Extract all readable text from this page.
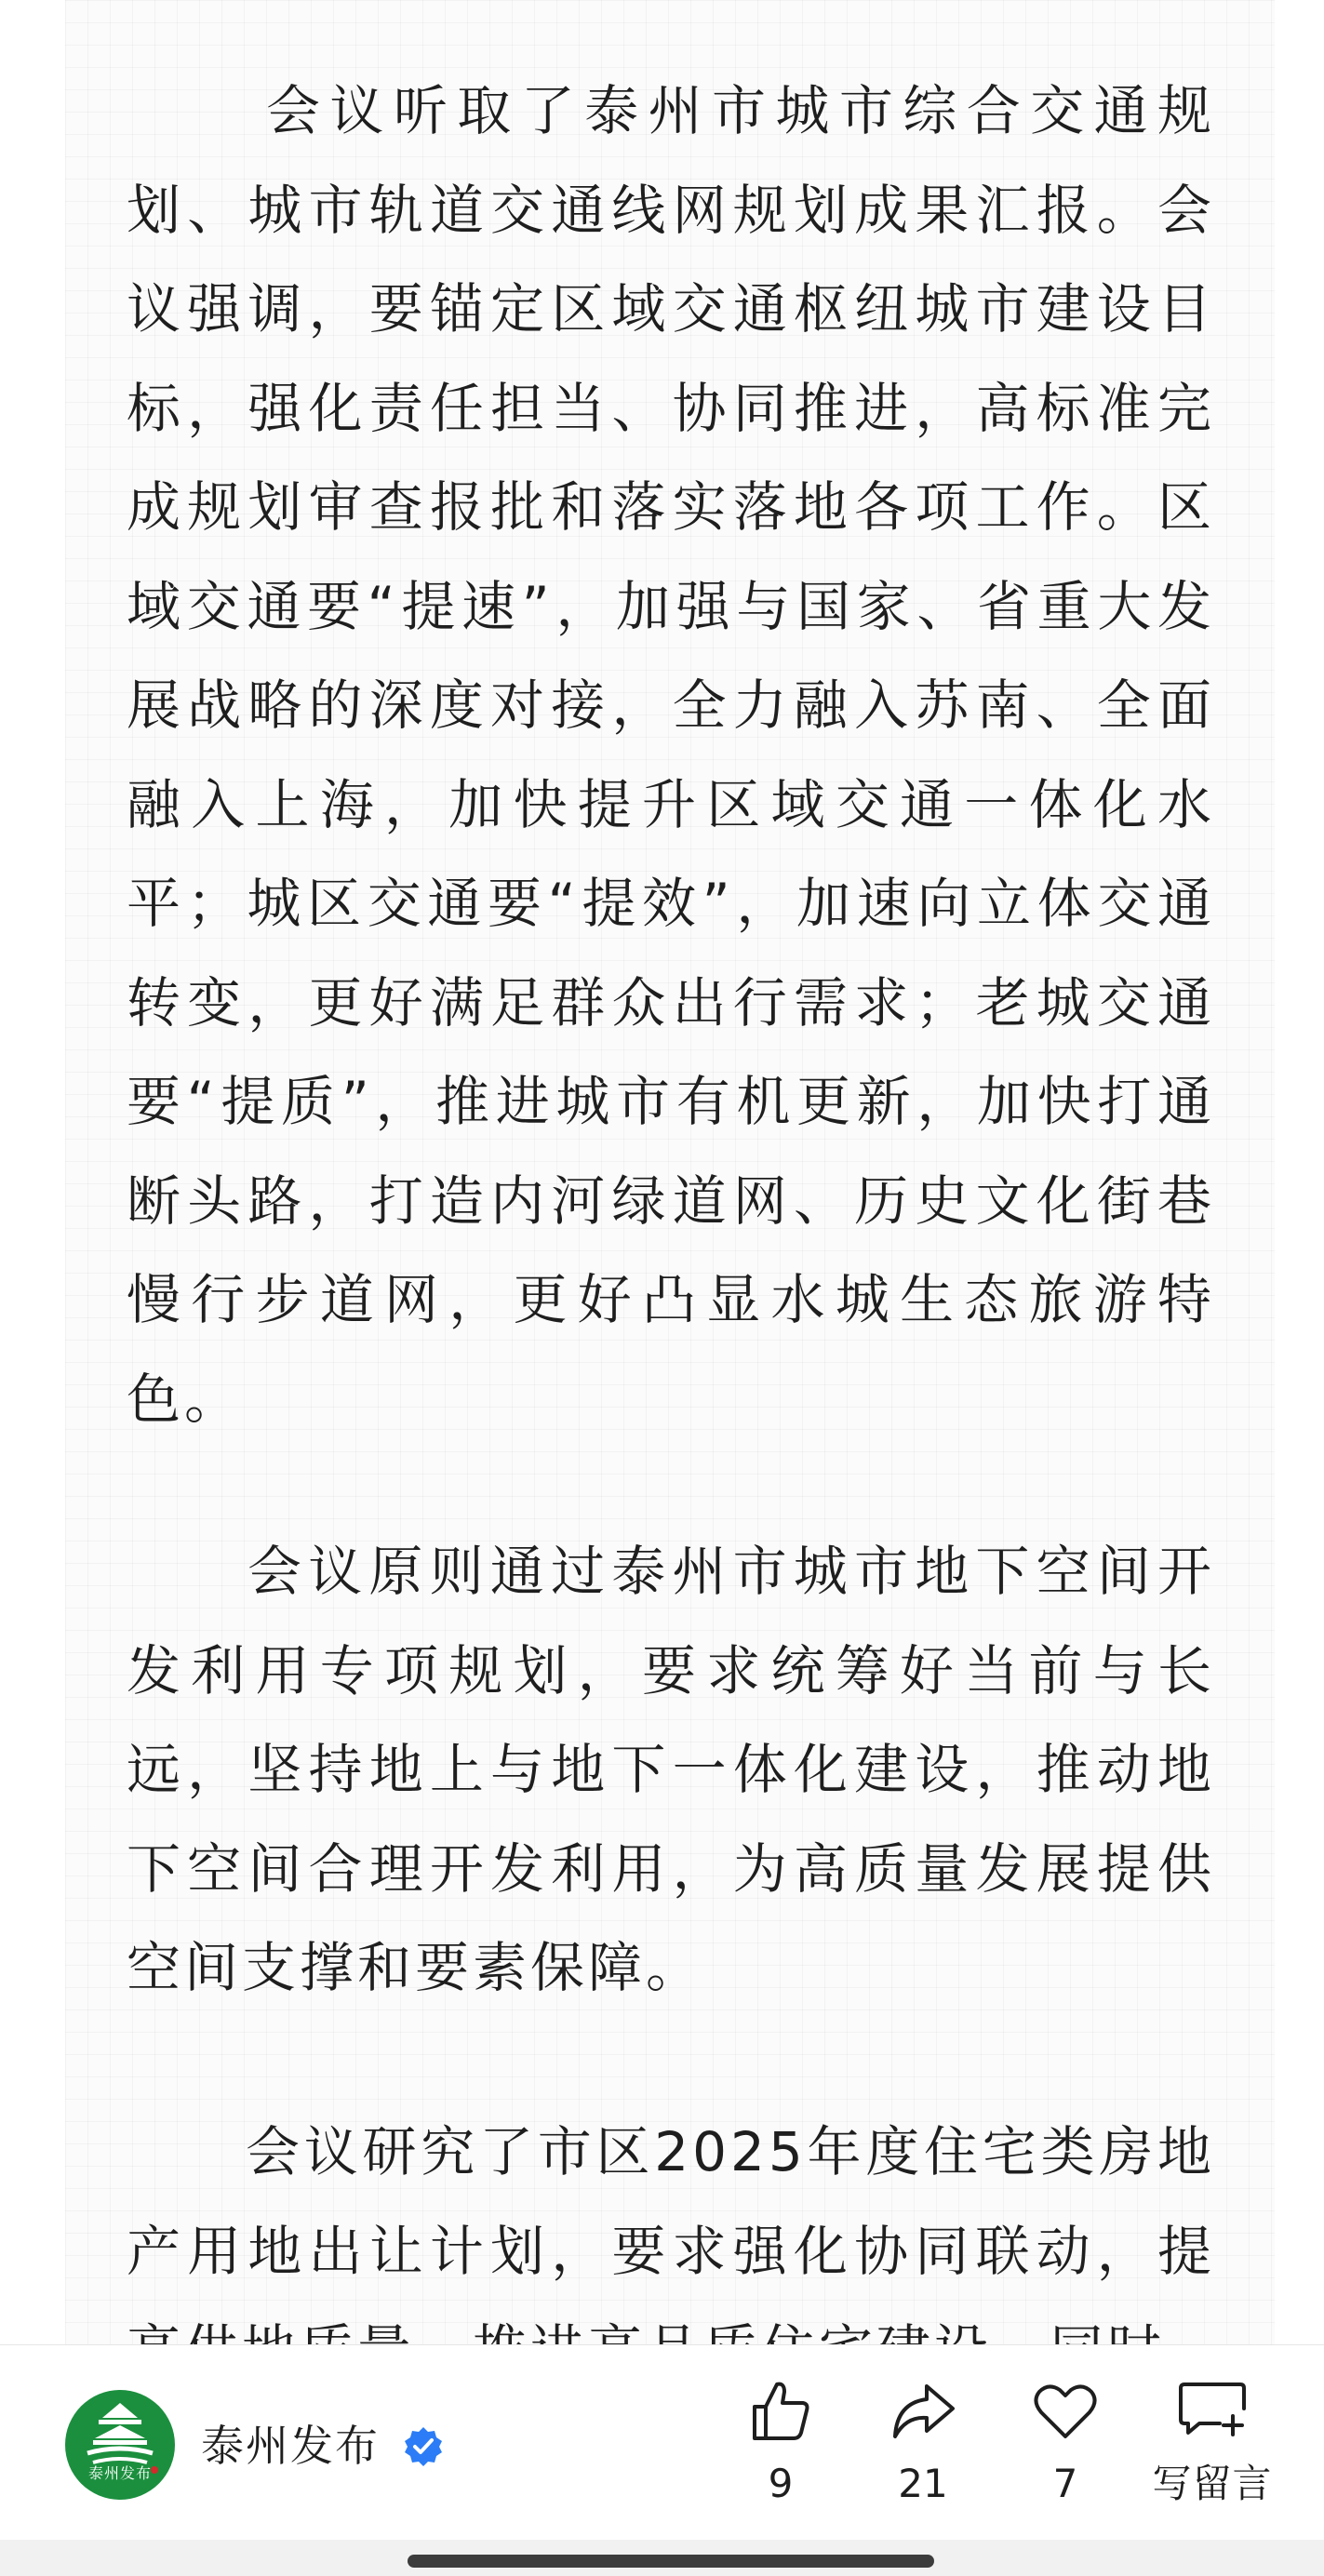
会议听取了泰州市城市综合交通规划、城市轨道交通线网规划成果汇报。会议强调，要锚定区域交通枢纽城市建设目标，强化责任担当、协同推进，高标准完成规划审查报批和落实落地各项工作。区域交通要“提速”，加强与国家、省重大发展战略的深度对接，全力融入苏南、全面融入上海，加快提升区域交通一体化水平；城区交通要“提效”，加速向立体交通转变，更好满足群众出行需求；老城交通要“提质”，推进城市有机更新，加快打通断头路，打造内河绿道网、历史文化街巷慢行步道网，更好凸显水城生态旅游特色。

会议原则通过泰州市城市地下空间开发利用专项规划，要求统筹好当前与长远，坚持地上与地下一体化建设，推动地下空间合理开发利用，为高质量发展提供空间支撑和要素保障。

会议研究了市区2025年度住宅类房地产用地出让计划，要求强化协同联动，提

泰州发布
泰州发布
9	21	7	写留言
